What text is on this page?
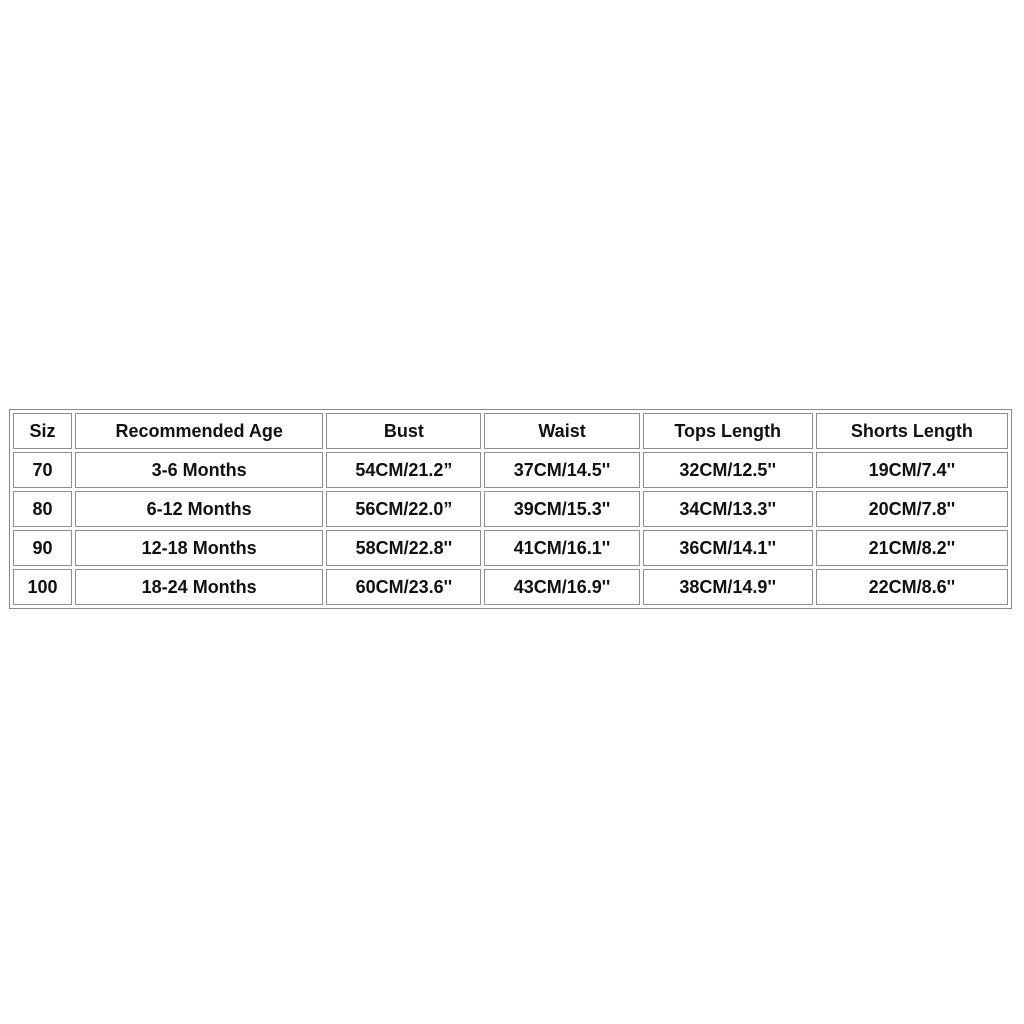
Siz	Recommended Age	Bust	Waist	Tops Length	Shorts Length
70	3-6 Months	54CM/21.2”	37CM/14.5''	32CM/12.5''	19CM/7.4''
80	6-12 Months	56CM/22.0”	39CM/15.3''	34CM/13.3''	20CM/7.8''
90	12-18 Months	58CM/22.8''	41CM/16.1''	36CM/14.1''	21CM/8.2''
100	18-24 Months	60CM/23.6''	43CM/16.9''	38CM/14.9''	22CM/8.6''
